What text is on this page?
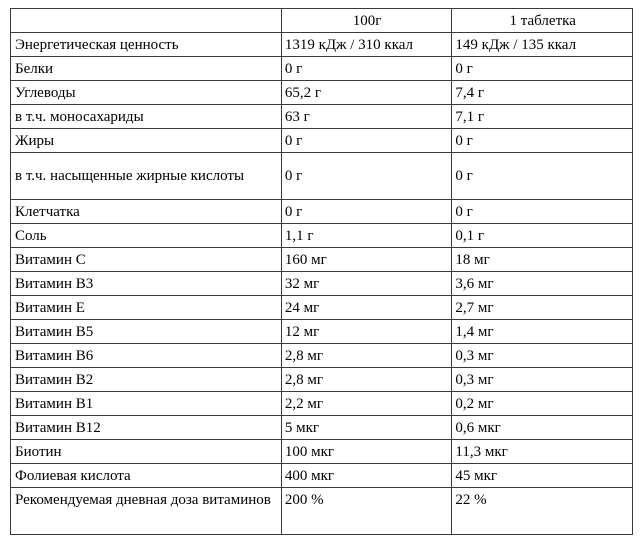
	100г	1 таблетка
Энергетическая ценность	1319 кДж / 310 ккал	149 кДж / 135 ккал
Белки	0 г	0 г
Углеводы	65,2 г	7,4 г
в т.ч. моносахариды	63 г	7,1 г
Жиры	0 г	0 г
в т.ч. насыщенные жирные кислоты	0 г	0 г
Клетчатка	0 г	0 г
Соль	1,1 г	0,1 г
Витамин С	160 мг	18 мг
Витамин В3	32 мг	3,6 мг
Витамин Е	24 мг	2,7 мг
Витамин В5	12 мг	1,4 мг
Витамин В6	2,8 мг	0,3 мг
Витамин В2	2,8 мг	0,3 мг
Витамин В1	2,2 мг	0,2 мг
Витамин В12	5 мкг	0,6 мкг
Биотин	100 мкг	11,3 мкг
Фолиевая кислота	400 мкг	45 мкг
Рекомендуемая дневная доза витаминов	200 %	22 %
